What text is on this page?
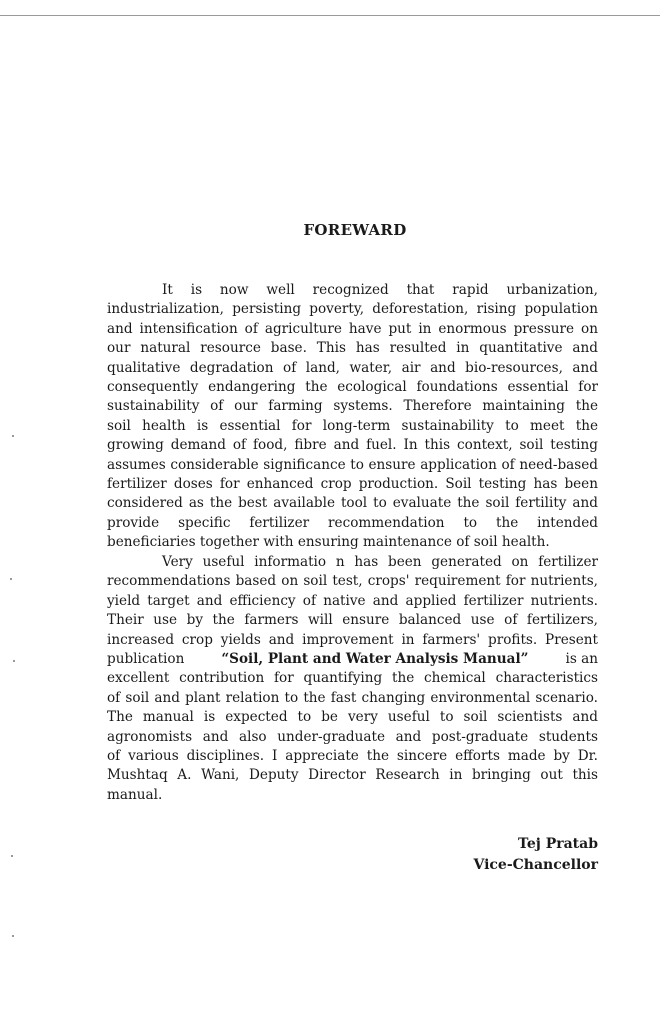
FOREWARD
It is now well recognized that rapid urbanization,
industrialization, persisting poverty, deforestation, rising population
and intensification of agriculture have put in enormous pressure on
our natural resource base. This has resulted in quantitative and
qualitative degradation of land, water, air and bio-resources, and
consequently endangering the ecological foundations essential for
sustainability of our farming systems. Therefore maintaining the
soil health is essential for long-term sustainability to meet the
growing demand of food, fibre and fuel. In this context, soil testing
assumes considerable significance to ensure application of need-based
fertilizer doses for enhanced crop production. Soil testing has been
considered as the best available tool to evaluate the soil fertility and
provide specific fertilizer recommendation to the intended
beneficiaries together with ensuring maintenance of soil health.
Very useful informatio n has been generated on fertilizer
recommendations based on soil test, crops' requirement for nutrients,
yield target and efficiency of native and applied fertilizer nutrients.
Their use by the farmers will ensure balanced use of fertilizers,
increased crop yields and improvement in farmers' profits. Present
publication	“Soil, Plant and Water Analysis Manual”	is an
excellent contribution for quantifying the chemical characteristics
of soil and plant relation to the fast changing environmental scenario.
The manual is expected to be very useful to soil scientists and
agronomists and also under-graduate and post-graduate students
of various disciplines. I appreciate the sincere efforts made by Dr.
Mushtaq A. Wani, Deputy Director Research in bringing out this
manual.
Tej Pratab
Vice-Chancellor
